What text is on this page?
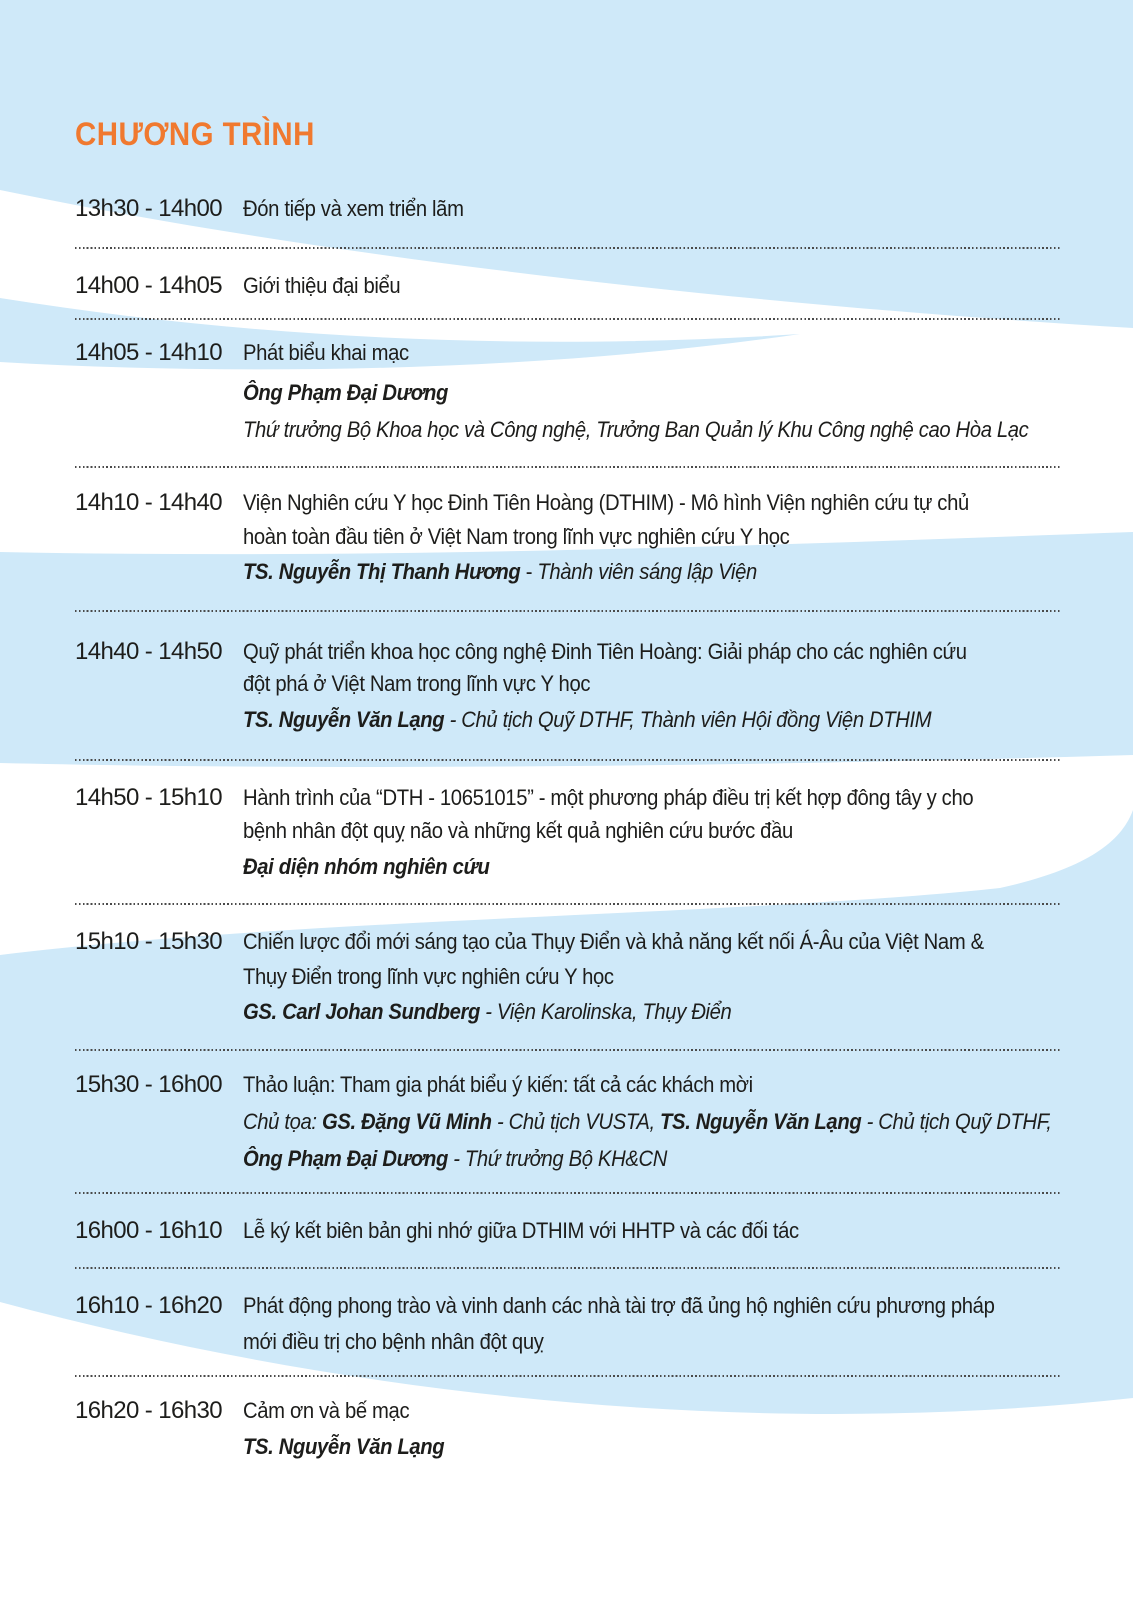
CHƯƠNG TRÌNH
13h30 - 14h00 Đón tiếp và xem triển lãm
14h00 - 14h05 Giới thiệu đại biểu
14h05 - 14h10 Phát biểu khai mạc
Ông Phạm Đại Dương
Thứ trưởng Bộ Khoa học và Công nghệ, Trưởng Ban Quản lý Khu Công nghệ cao Hòa Lạc
14h10 - 14h40 Viện Nghiên cứu Y học Đinh Tiên Hoàng (DTHIM) - Mô hình Viện nghiên cứu tự chủ
hoàn toàn đầu tiên ở Việt Nam trong lĩnh vực nghiên cứu Y học
TS. Nguyễn Thị Thanh Hương - Thành viên sáng lập Viện
14h40 - 14h50 Quỹ phát triển khoa học công nghệ Đinh Tiên Hoàng: Giải pháp cho các nghiên cứu
đột phá ở Việt Nam trong lĩnh vực Y học
TS. Nguyễn Văn Lạng - Chủ tịch Quỹ DTHF, Thành viên Hội đồng Viện DTHIM
14h50 - 15h10 Hành trình của “DTH - 10651015” - một phương pháp điều trị kết hợp đông tây y cho
bệnh nhân đột quỵ não và những kết quả nghiên cứu bước đầu
Đại diện nhóm nghiên cứu
15h10 - 15h30 Chiến lược đổi mới sáng tạo của Thụy Điển và khả năng kết nối Á-Âu của Việt Nam &
Thụy Điển trong lĩnh vực nghiên cứu Y học
GS. Carl Johan Sundberg - Viện Karolinska, Thụy Điển
15h30 - 16h00 Thảo luận: Tham gia phát biểu ý kiến: tất cả các khách mời
Chủ tọa: GS. Đặng Vũ Minh - Chủ tịch VUSTA, TS. Nguyễn Văn Lạng - Chủ tịch Quỹ DTHF,
Ông Phạm Đại Dương - Thứ trưởng Bộ KH&CN
16h00 - 16h10 Lễ ký kết biên bản ghi nhớ giữa DTHIM với HHTP và các đối tác
16h10 - 16h20 Phát động phong trào và vinh danh các nhà tài trợ đã ủng hộ nghiên cứu phương pháp
mới điều trị cho bệnh nhân đột quỵ
16h20 - 16h30 Cảm ơn và bế mạc
TS. Nguyễn Văn Lạng
